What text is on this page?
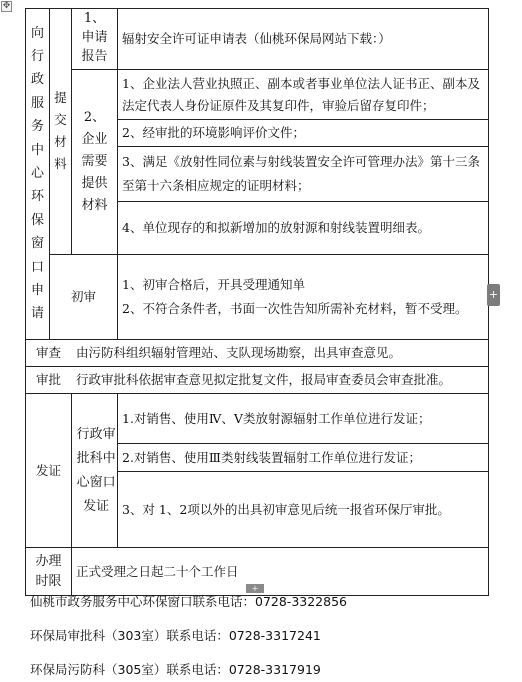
✥
向行政服务中心环保窗口申请	提交材料	1、申请报告	辐射安全许可证申请表（仙桃环保局网站下载：）
		2、企业需要提供材料	1、企业法人营业执照正、副本或者事业单位法人证书正、副本及法定代表人身份证原件及其复印件，审验后留存复印件；
			2、经审批的环境影响评价文件；
			3、满足《放射性同位素与射线装置安全许可管理办法》第十三条至第十六条相应规定的证明材料；
			4、单位现存的和拟新增加的放射源和射线装置明细表。
	初审		1、初审合格后，开具受理通知单
2、不符合条件者，书面一次性告知所需补充材料，暂不受理。

审查		由污防科组织辐射管理站、支队现场勘察，出具审查意见。	
审批		行政审批科依据审查意见拟定批复文件，报局审查委员会审查批准。	
发证		行政审批科中心窗口发证	1.对销售、使用Ⅳ、Ⅴ类放射源辐射工作单位进行发证；
			2.对销售、使用Ⅲ类射线装置辐射工作单位进行发证；
			3、对 1、2项以外的出具初审意见后统一报省环保厅审批。
办理时限		正式受理之日起二十个工作日	
+
+
仙桃市政务服务中心环保窗口联系电话：0728-3322856
环保局审批科（303室）联系电话：0728-3317241
环保局污防科（305室）联系电话：0728-3317919
